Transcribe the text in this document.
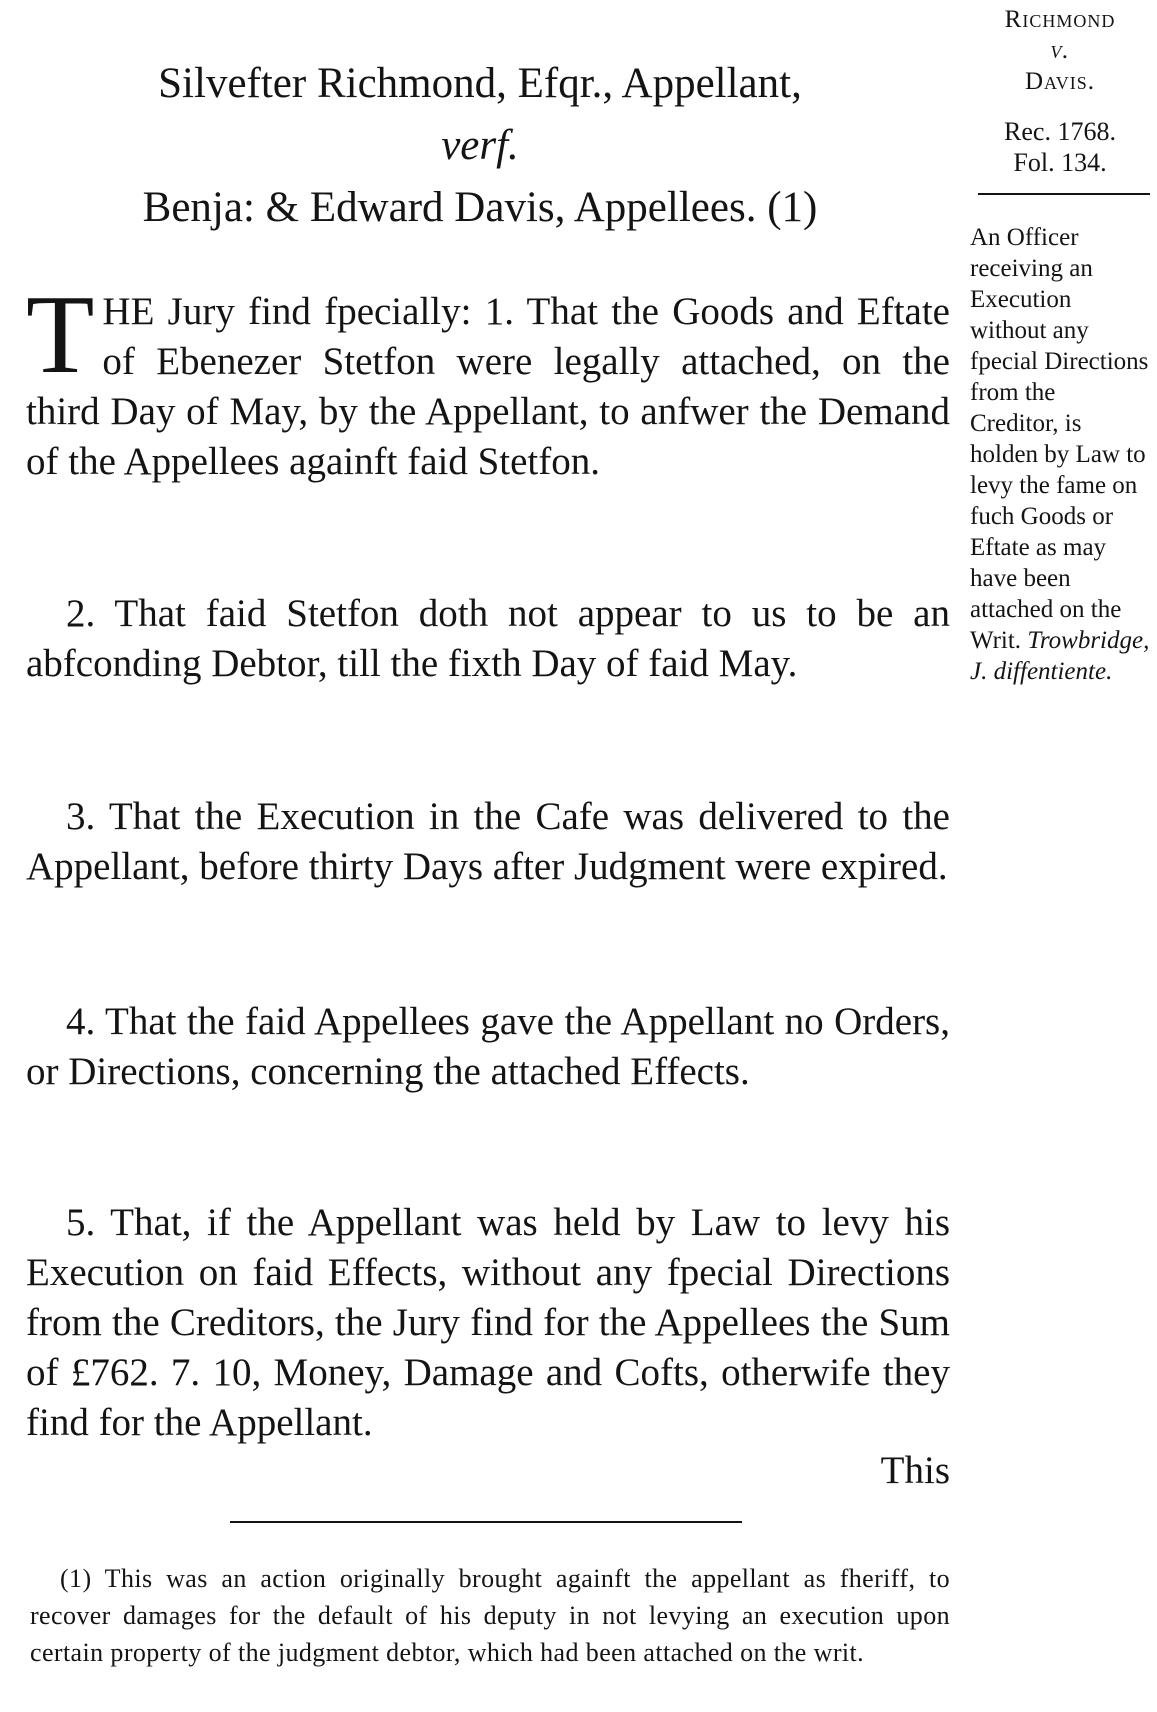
Silvefter Richmond, Efqr., Appellant,
verf.
Benja: & Edward Davis, Appellees. (1)
THE Jury find fpecially: 1. That the Goods and Eftate of Ebenezer Stetfon were legally attached, on the third Day of May, by the Appellant, to anfwer the Demand of the Appellees againft faid Stetfon.
2. That faid Stetfon doth not appear to us to be an abfconding Debtor, till the fixth Day of faid May.
3. That the Execution in the Cafe was delivered to the Appellant, before thirty Days after Judgment were expired.
4. That the faid Appellees gave the Appellant no Orders, or Directions, concerning the attached Effects.
5. That, if the Appellant was held by Law to levy his Execution on faid Effects, without any fpecial Directions from the Creditors, the Jury find for the Appellees the Sum of £762. 7. 10, Money, Damage and Cofts, otherwife they find for the Appellant.
This
Richmond
v.
Davis.
Rec. 1768.
Fol. 134.
An Officer receiving an Execution without any fpecial Directions from the Creditor, is holden by Law to levy the fame on fuch Goods or Eftate as may have been attached on the Writ. Trowbridge, J. diffentiente.
(1) This was an action originally brought againft the appellant as fheriff, to recover damages for the default of his deputy in not levying an execution upon certain property of the judgment debtor, which had been attached on the writ.
